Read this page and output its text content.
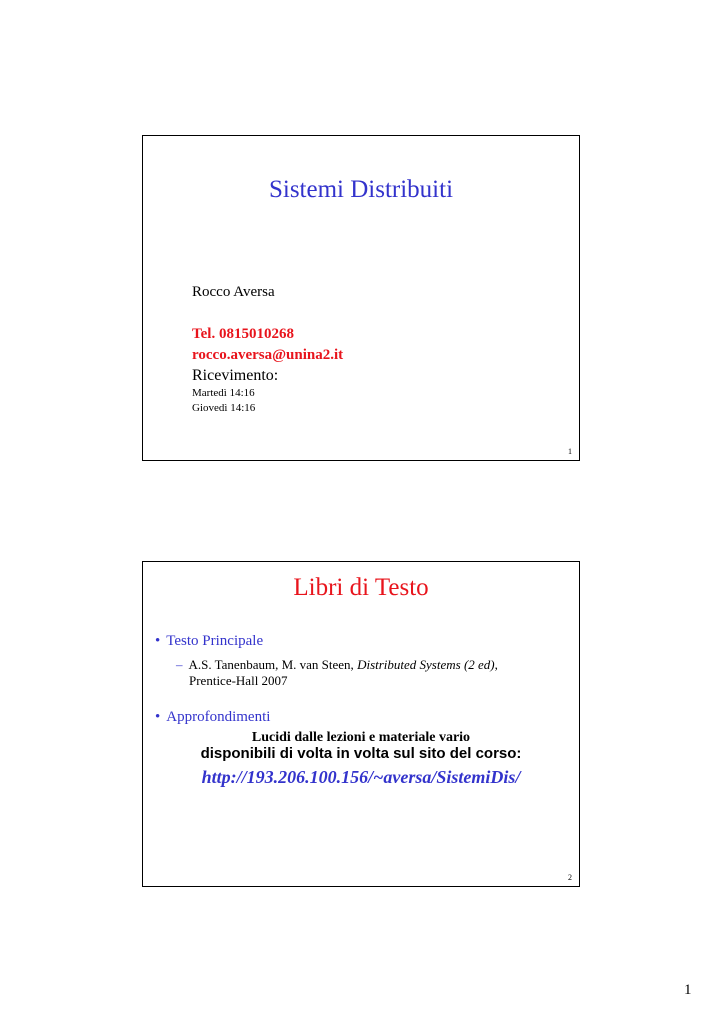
Sistemi Distribuiti
Rocco Aversa
Tel. 0815010268
rocco.aversa@unina2.it
Ricevimento:
Martedì 14:16
Giovedì 14:16
1
Libri di Testo
• Testo Principale
– A.S. Tanenbaum, M. van Steen, Distributed Systems (2 ed),
Prentice-Hall 2007
• Approfondimenti
Lucidi dalle lezioni e materiale vario
disponibili di volta in volta sul sito del corso:
http://193.206.100.156/~aversa/SistemiDis/
2
1
